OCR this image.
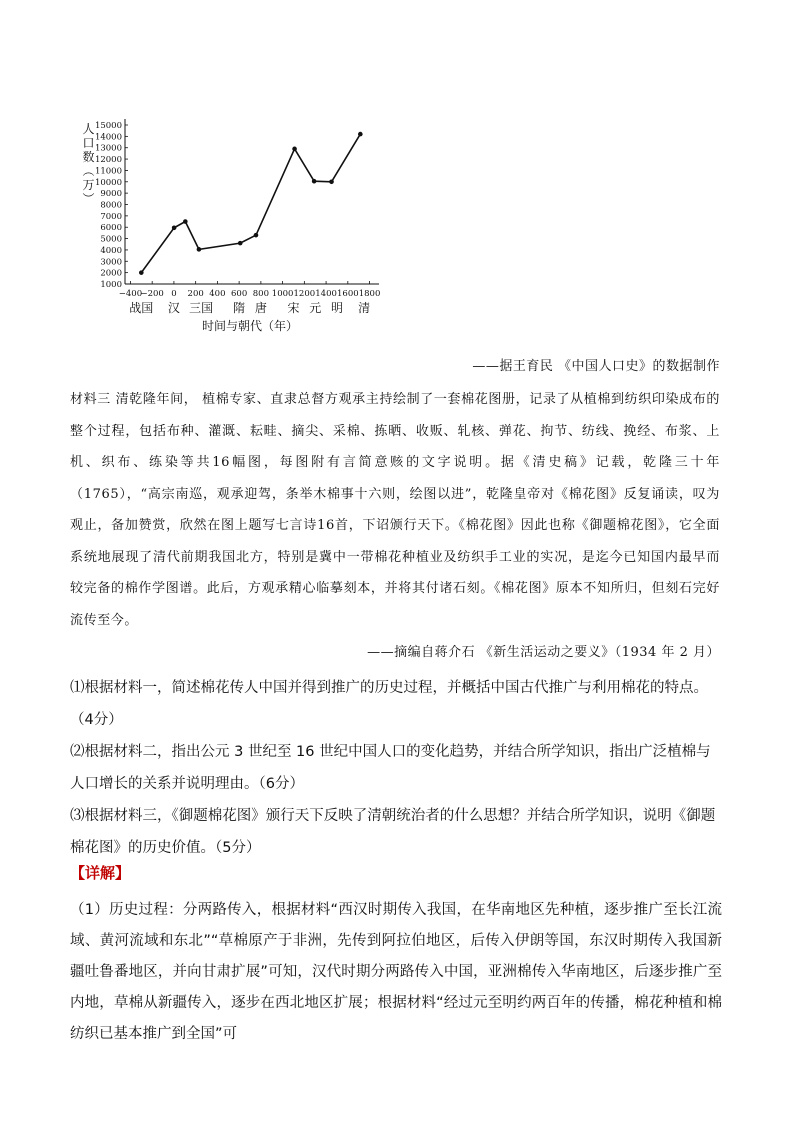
1000
2000
3000
4000
5000
6000
7000
8000
9000
10000
11000
12000
13000
14000
15000
−400
−200 0 200 400 600 800 1000 1200 1400 1600 1800
战国 汉 三国 隋 唐 宋 元 明 清
人口数（万）
时间与朝代（年）
——据王育民 《中国人口史》的数据制作
材料三 清乾隆年间， 植棉专家、直隶总督方观承主持绘制了一套棉花图册，记录了从植棉到纺织印染成布的整个过程，包括布种、灌溉、耘畦、摘尖、采棉、拣晒、收贩、轧核、弹花、拘节、纺线、挽经、布浆、上机、织布、练染等共16幅图，每图附有言简意赅的文字说明。据《清史稿》记载，乾隆三十年（1765），“高宗南巡，观承迎驾，条举木棉事十六则，绘图以进”，乾隆皇帝对《棉花图》反复诵读，叹为观止，备加赞赏，欣然在图上题写七言诗16首，下诏颁行天下。《棉花图》因此也称《御题棉花图》，它全面系统地展现了清代前期我国北方，特别是冀中一带棉花种植业及纺织手工业的实况，是迄今已知国内最早而较完备的棉作学图谱。此后，方观承精心临摹刻本，并将其付诸石刻。《棉花图》原本不知所归，但刻石完好流传至今。
——摘编自蒋介石 《新生活运动之要义》（1934 年 2 月）

⑴根据材料一，简述棉花传人中国并得到推广的历史过程，并概括中国古代推广与利用棉花的特点。（4分）

⑵根据材料二，指出公元 3 世纪至 16 世纪中国人口的变化趋势，并结合所学知识，指出广泛植棉与人口增长的关系并说明理由。（6分）

⑶根据材料三，《御题棉花图》颁行天下反映了清朝统治者的什么思想？并结合所学知识，说明《御题棉花图》的历史价值。（5分）

【详解】

（1）历史过程：分两路传入，根据材料“西汉时期传入我国，在华南地区先种植，逐步推广至长江流域、黄河流域和东北”“草棉原产于非洲，先传到阿拉伯地区，后传入伊朗等国，东汉时期传入我国新疆吐鲁番地区，并向甘肃扩展”可知，汉代时期分两路传入中国，亚洲棉传入华南地区，后逐步推广至内地，草棉从新疆传入，逐步在西北地区扩展；根据材料“经过元至明约两百年的传播，棉花种植和棉纺织已基本推广到全国”可
